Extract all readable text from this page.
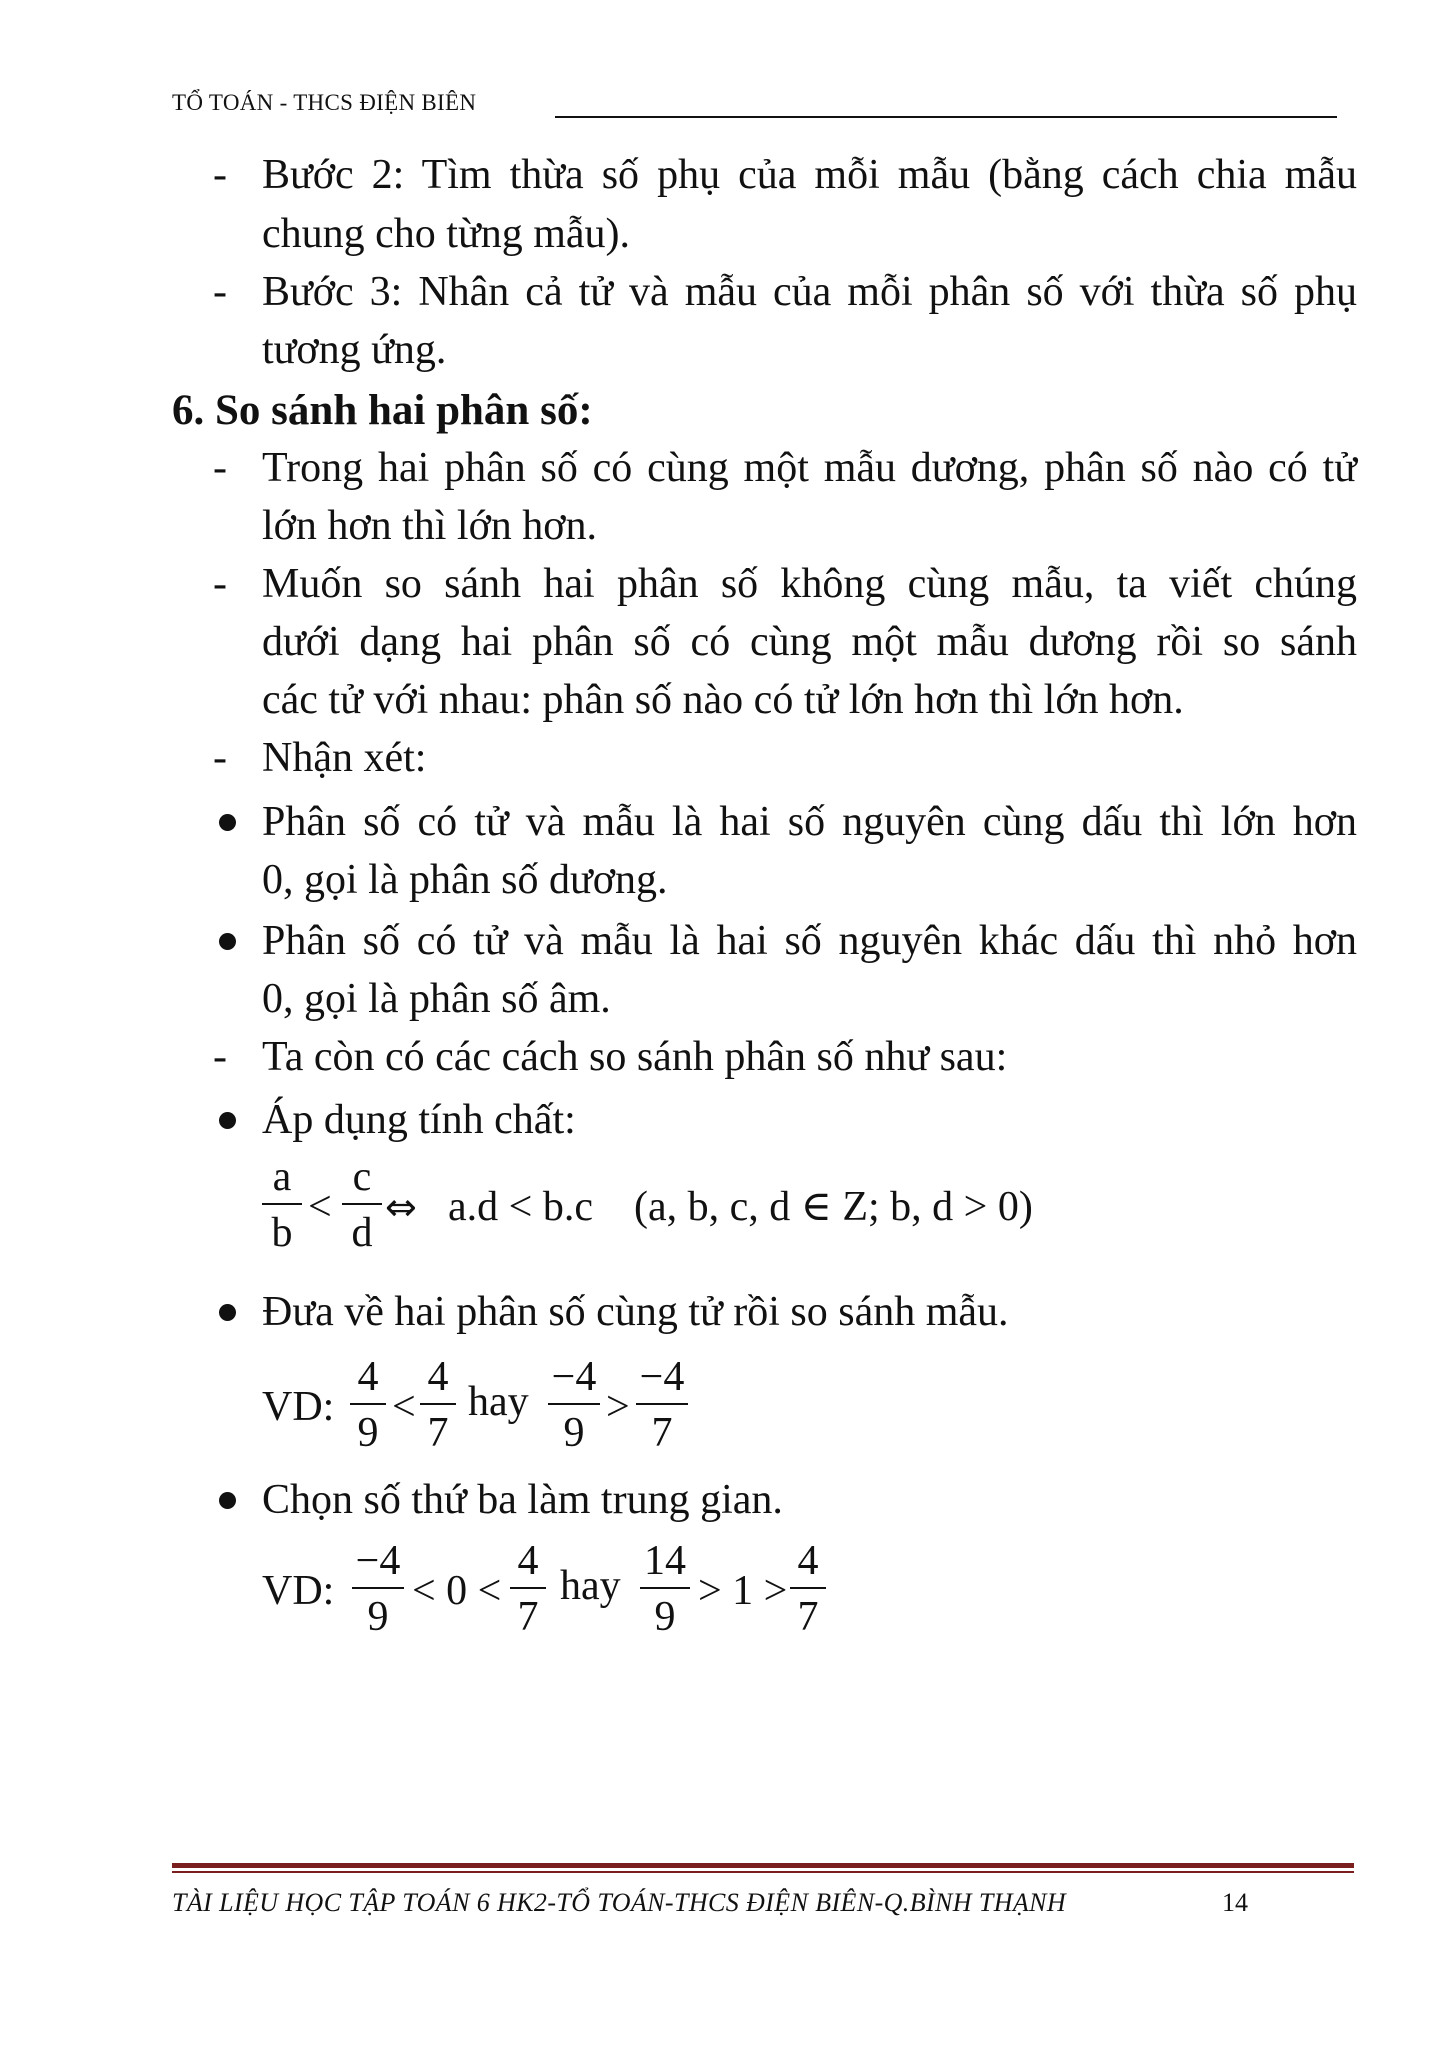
TỔ TOÁN - THCS ĐIỆN BIÊN
- Bước 2: Tìm thừa số phụ của mỗi mẫu (bằng cách chia mẫu
chung cho từng mẫu).
- Bước 3: Nhân cả tử và mẫu của mỗi phân số với thừa số phụ
tương ứng.
6. So sánh hai phân số:
- Trong hai phân số có cùng một mẫu dương, phân số nào có tử
lớn hơn thì lớn hơn.
- Muốn so sánh hai phân số không cùng mẫu, ta viết chúng
dưới dạng hai phân số có cùng một mẫu dương rồi so sánh
các tử với nhau: phân số nào có tử lớn hơn thì lớn hơn.
- Nhận xét:
Phân số có tử và mẫu là hai số nguyên cùng dấu thì lớn hơn
0, gọi là phân số dương.
Phân số có tử và mẫu là hai số nguyên khác dấu thì nhỏ hơn
0, gọi là phân số âm.
- Ta còn có các cách so sánh phân số như sau:
Áp dụng tính chất:
a
b
<
c
d
⇔ a.d < b.c (a, b, c, d ∈ Z; b, d > 0)
Đưa về hai phân số cùng tử rồi so sánh mẫu.
VD:
4
9
<
4
7
hay
−4
9
>
−4
7
Chọn số thứ ba làm trung gian.
VD:
−4
9
< 0 <
4
7
hay
14
9
> 1 >
4
7
TÀI LIỆU HỌC TẬP TOÁN 6 HK2-TỔ TOÁN-THCS ĐIỆN BIÊN-Q.BÌNH THẠNH	14
